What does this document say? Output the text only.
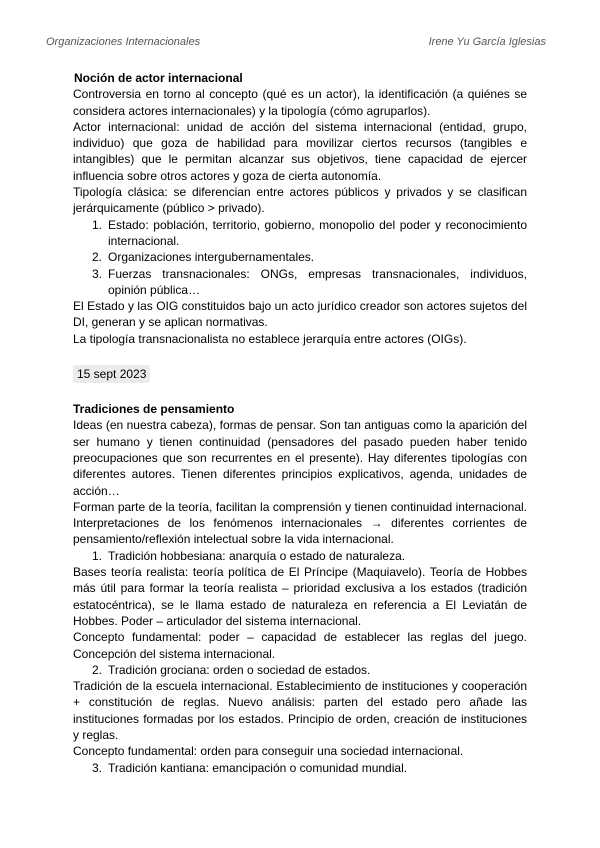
Organizaciones Internacionales	Irene Yu García Iglesias

Noción de actor internacional

Controversia en torno al concepto (qué es un actor), la identificación (a quiénes se considera actores internacionales) y la tipología (cómo agruparlos).

Actor internacional: unidad de acción del sistema internacional (entidad, grupo, individuo) que goza de habilidad para movilizar ciertos recursos (tangibles e intangibles) que le permitan alcanzar sus objetivos, tiene capacidad de ejercer influencia sobre otros actores y goza de cierta autonomía.

Tipología clásica: se diferencian entre actores públicos y privados y se clasifican jerárquicamente (público > privado).

1. Estado: población, territorio, gobierno, monopolio del poder y reconocimiento internacional.
2. Organizaciones intergubernamentales.
3. Fuerzas transnacionales: ONGs, empresas transnacionales, individuos, opinión pública…

El Estado y las OIG constituidos bajo un acto jurídico creador son actores sujetos del DI, generan y se aplican normativas.

La tipología transnacionalista no establece jerarquía entre actores (OIGs).

15 sept 2023

Tradiciones de pensamiento

Ideas (en nuestra cabeza), formas de pensar. Son tan antiguas como la aparición del ser humano y tienen continuidad (pensadores del pasado pueden haber tenido preocupaciones que son recurrentes en el presente). Hay diferentes tipologías con diferentes autores. Tienen diferentes principios explicativos, agenda, unidades de acción…

Forman parte de la teoría, facilitan la comprensión y tienen continuidad internacional. Interpretaciones de los fenómenos internacionales → diferentes corrientes de pensamiento/reflexión intelectual sobre la vida internacional.

1. Tradición hobbesiana: anarquía o estado de naturaleza.

Bases teoría realista: teoría política de El Príncipe (Maquiavelo). Teoría de Hobbes más útil para formar la teoría realista – prioridad exclusiva a los estados (tradición estatocéntrica), se le llama estado de naturaleza en referencia a El Leviatán de Hobbes. Poder – articulador del sistema internacional.

Concepto fundamental: poder – capacidad de establecer las reglas del juego. Concepción del sistema internacional.

2. Tradición grociana: orden o sociedad de estados.

Tradición de la escuela internacional. Establecimiento de instituciones y cooperación + constitución de reglas. Nuevo análisis: parten del estado pero añade las instituciones formadas por los estados. Principio de orden, creación de instituciones y reglas.

Concepto fundamental: orden para conseguir una sociedad internacional.

3. Tradición kantiana: emancipación o comunidad mundial.
